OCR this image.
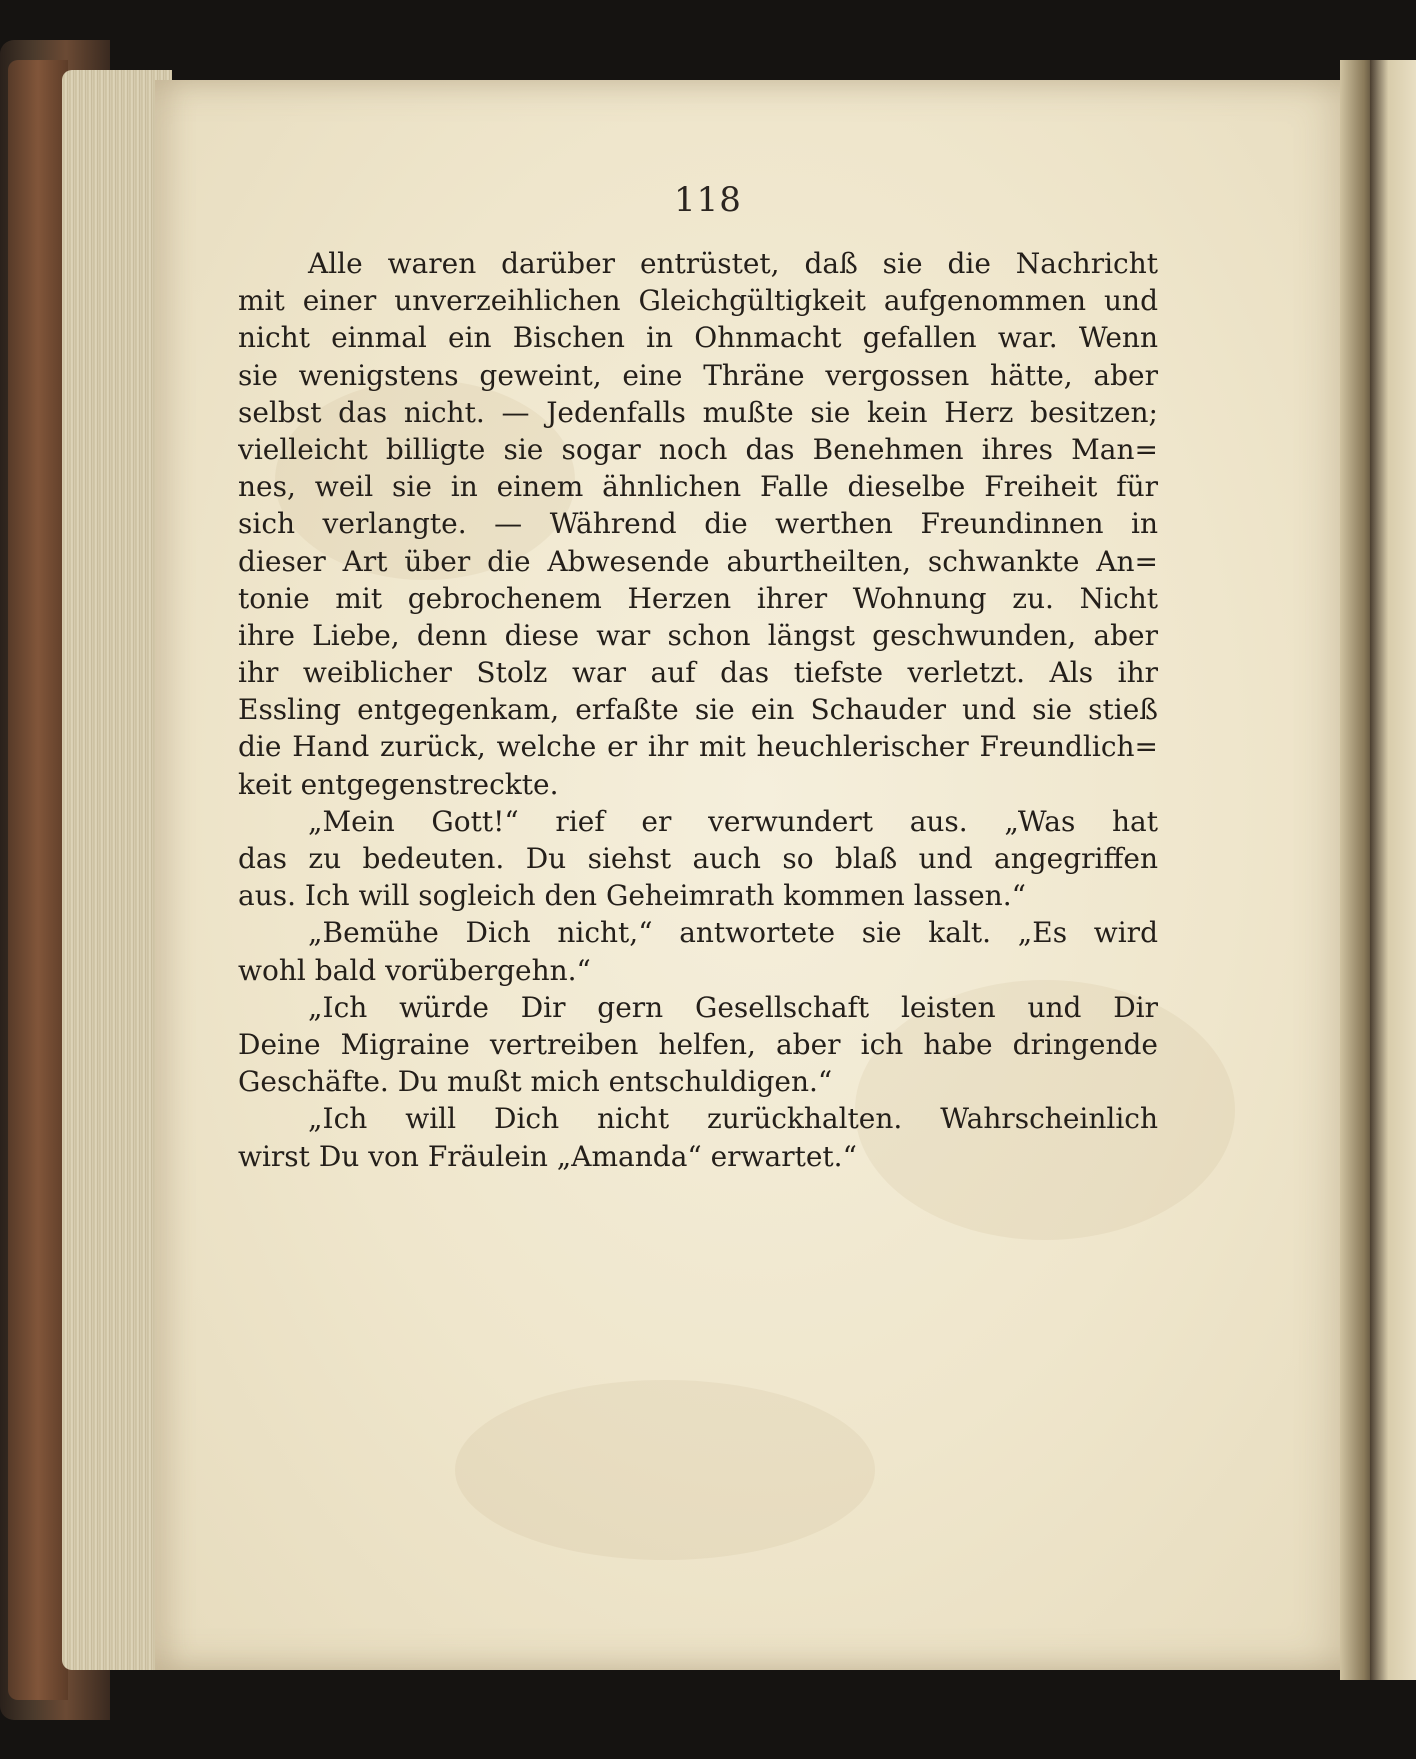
118
Alle waren darüber entrüstet, daß sie die Nachricht
mit einer unverzeihlichen Gleichgültigkeit aufgenommen und
nicht einmal ein Bischen in Ohnmacht gefallen war. Wenn
sie wenigstens geweint, eine Thräne vergossen hätte, aber
selbst das nicht. — Jedenfalls mußte sie kein Herz besitzen;
vielleicht billigte sie sogar noch das Benehmen ihres Man=
nes, weil sie in einem ähnlichen Falle dieselbe Freiheit für
sich verlangte. — Während die werthen Freundinnen in
dieser Art über die Abwesende aburtheilten, schwankte An=
tonie mit gebrochenem Herzen ihrer Wohnung zu. Nicht
ihre Liebe, denn diese war schon längst geschwunden, aber
ihr weiblicher Stolz war auf das tiefste verletzt. Als ihr
Essling entgegenkam, erfaßte sie ein Schauder und sie stieß
die Hand zurück, welche er ihr mit heuchlerischer Freundlich=
keit entgegenstreckte.
„Mein Gott!“ rief er verwundert aus. „Was hat
das zu bedeuten. Du siehst auch so blaß und angegriffen
aus. Ich will sogleich den Geheimrath kommen lassen.“
„Bemühe Dich nicht,“ antwortete sie kalt. „Es wird
wohl bald vorübergehn.“
„Ich würde Dir gern Gesellschaft leisten und Dir
Deine Migraine vertreiben helfen, aber ich habe dringende
Geschäfte. Du mußt mich entschuldigen.“
„Ich will Dich nicht zurückhalten. Wahrscheinlich
wirst Du von Fräulein „Amanda“ erwartet.“
